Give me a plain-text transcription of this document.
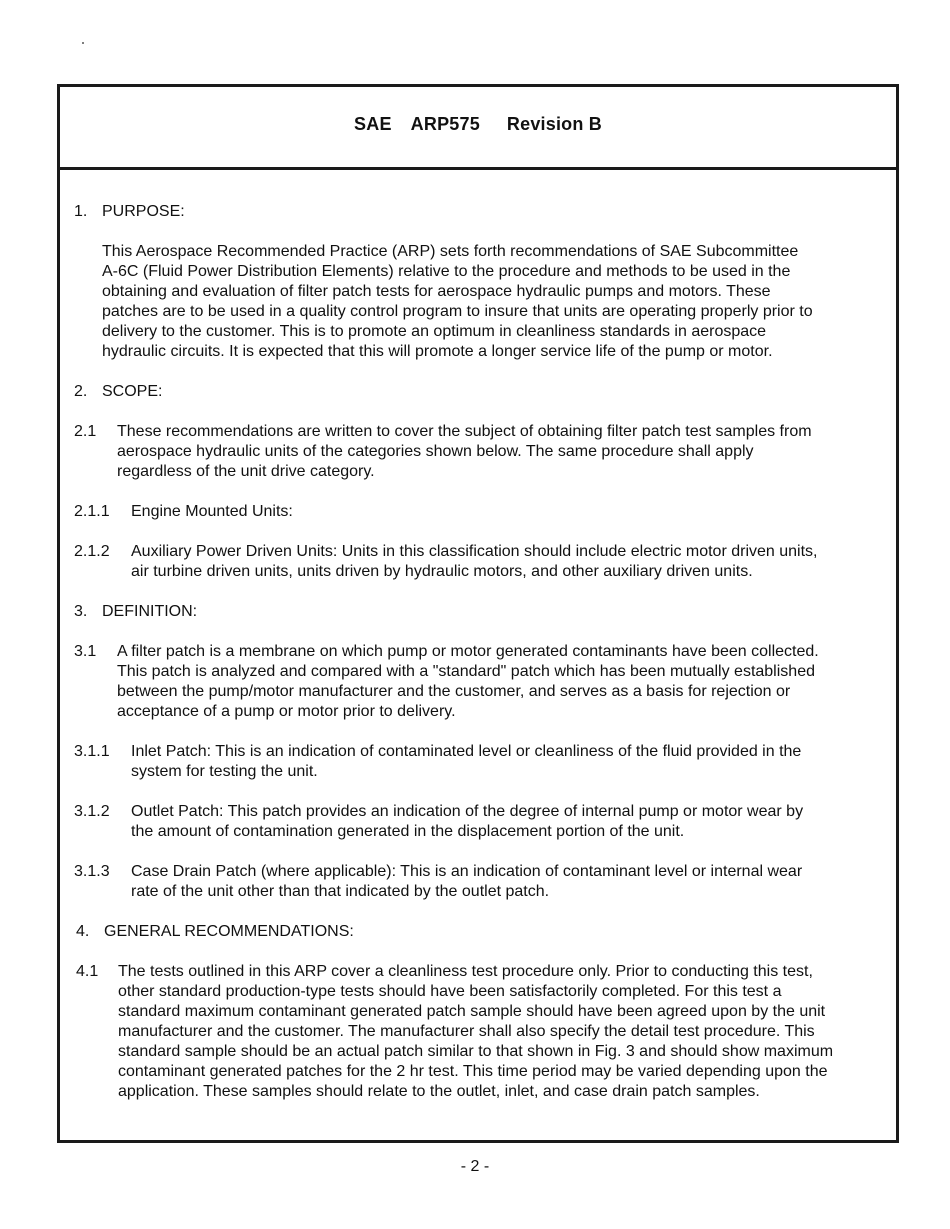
SAE ARP575 Revision B
1. PURPOSE:
This Aerospace Recommended Practice (ARP) sets forth recommendations of SAE Subcommittee
A-6C (Fluid Power Distribution Elements) relative to the procedure and methods to be used in the
obtaining and evaluation of filter patch tests for aerospace hydraulic pumps and motors. These
patches are to be used in a quality control program to insure that units are operating properly prior to
delivery to the customer. This is to promote an optimum in cleanliness standards in aerospace
hydraulic circuits. It is expected that this will promote a longer service life of the pump or motor.
2. SCOPE:
2.1 These recommendations are written to cover the subject of obtaining filter patch test samples from
aerospace hydraulic units of the categories shown below. The same procedure shall apply
regardless of the unit drive category.
2.1.1 Engine Mounted Units:
2.1.2 Auxiliary Power Driven Units: Units in this classification should include electric motor driven units,
air turbine driven units, units driven by hydraulic motors, and other auxiliary driven units.
3. DEFINITION:
3.1 A filter patch is a membrane on which pump or motor generated contaminants have been collected.
This patch is analyzed and compared with a "standard" patch which has been mutually established
between the pump/motor manufacturer and the customer, and serves as a basis for rejection or
acceptance of a pump or motor prior to delivery.
3.1.1 Inlet Patch: This is an indication of contaminated level or cleanliness of the fluid provided in the
system for testing the unit.
3.1.2 Outlet Patch: This patch provides an indication of the degree of internal pump or motor wear by
the amount of contamination generated in the displacement portion of the unit.
3.1.3 Case Drain Patch (where applicable): This is an indication of contaminant level or internal wear
rate of the unit other than that indicated by the outlet patch.
4. GENERAL RECOMMENDATIONS:
4.1 The tests outlined in this ARP cover a cleanliness test procedure only. Prior to conducting this test,
other standard production-type tests should have been satisfactorily completed. For this test a
standard maximum contaminant generated patch sample should have been agreed upon by the unit
manufacturer and the customer. The manufacturer shall also specify the detail test procedure. This
standard sample should be an actual patch similar to that shown in Fig. 3 and should show maximum
contaminant generated patches for the 2 hr test. This time period may be varied depending upon the
application. These samples should relate to the outlet, inlet, and case drain patch samples.
- 2 -
